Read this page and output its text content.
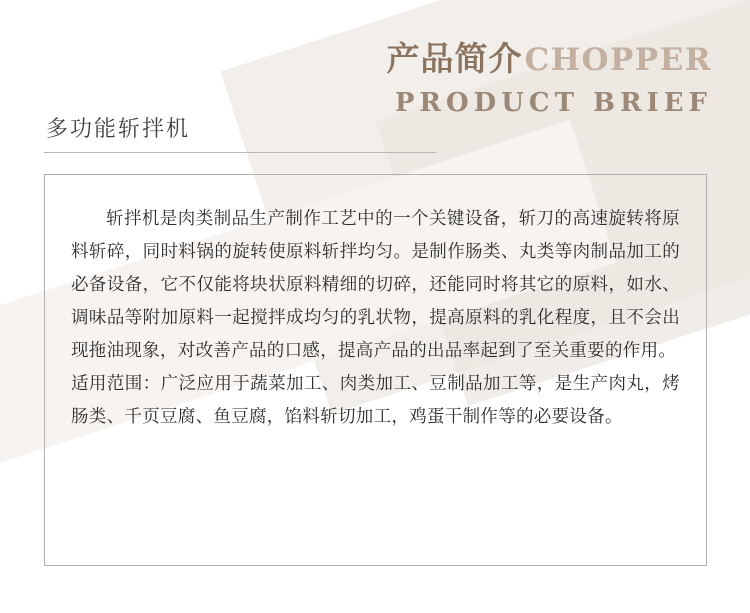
产品简介 CHOPPER
PRODUCT BRIEF
多功能斩拌机

斩拌机是肉类制品生产制作工艺中的一个关键设备，斩刀的高速旋转将原料斩碎，同时料锅的旋转使原料斩拌均匀。是制作肠类、丸类等肉制品加工的必备设备，它不仅能将块状原料精细的切碎，还能同时将其它的原料，如水、调味品等附加原料一起搅拌成均匀的乳状物，提高原料的乳化程度，且不会出现拖油现象，对改善产品的口感，提高产品的出品率起到了至关重要的作用。

适用范围：广泛应用于蔬菜加工、肉类加工、豆制品加工等，是生产肉丸，烤肠类、千页豆腐、鱼豆腐，馅料斩切加工，鸡蛋干制作等的必要设备。
